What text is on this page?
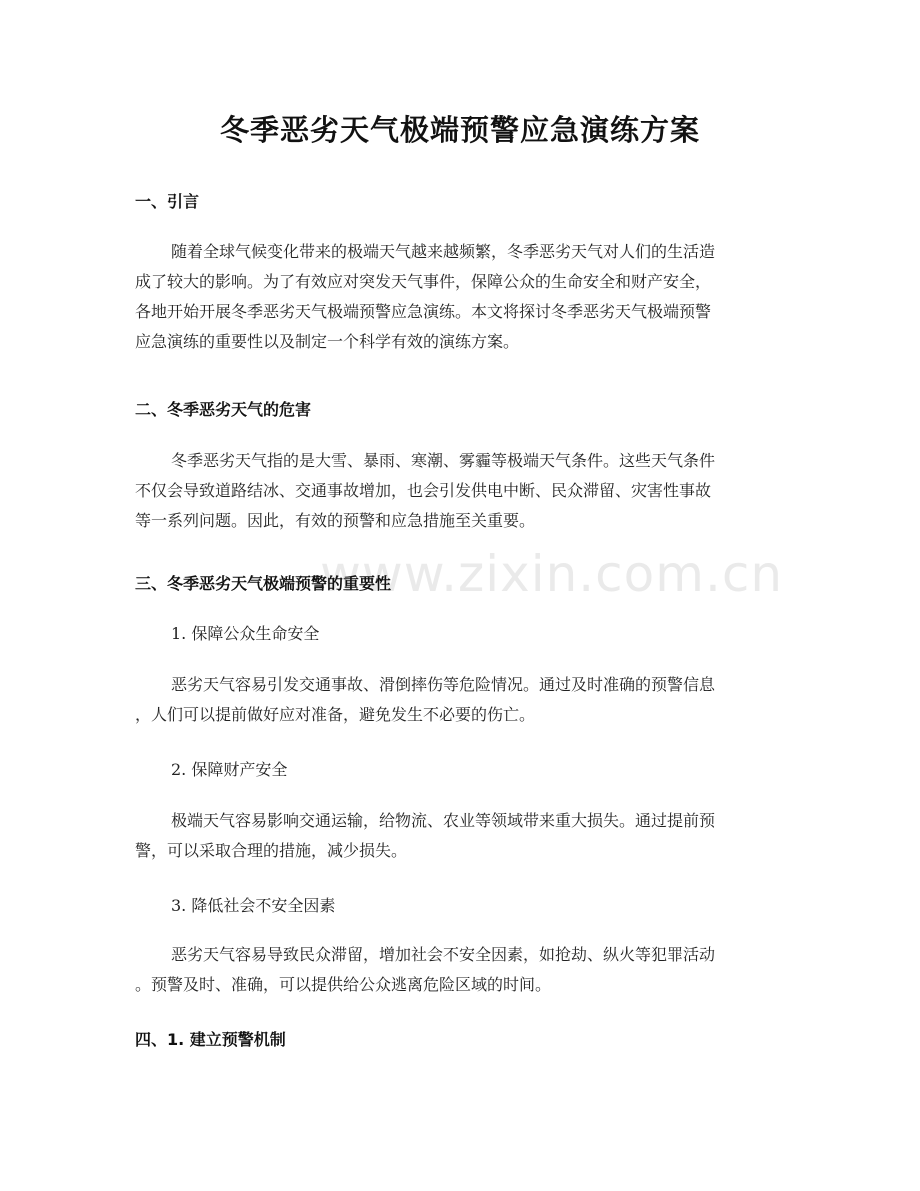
www.zixin.com.cn
冬季恶劣天气极端预警应急演练方案
一、引言
随着全球气候变化带来的极端天气越来越频繁，冬季恶劣天气对人们的生活造
成了较大的影响。为了有效应对突发天气事件，保障公众的生命安全和财产安全，
各地开始开展冬季恶劣天气极端预警应急演练。本文将探讨冬季恶劣天气极端预警
应急演练的重要性以及制定一个科学有效的演练方案。
二、冬季恶劣天气的危害
冬季恶劣天气指的是大雪、暴雨、寒潮、雾霾等极端天气条件。这些天气条件
不仅会导致道路结冰、交通事故增加，也会引发供电中断、民众滞留、灾害性事故
等一系列问题。因此，有效的预警和应急措施至关重要。
三、冬季恶劣天气极端预警的重要性
1. 保障公众生命安全
恶劣天气容易引发交通事故、滑倒摔伤等危险情况。通过及时准确的预警信息
，人们可以提前做好应对准备，避免发生不必要的伤亡。
2. 保障财产安全
极端天气容易影响交通运输，给物流、农业等领域带来重大损失。通过提前预
警，可以采取合理的措施，减少损失。
3. 降低社会不安全因素
恶劣天气容易导致民众滞留，增加社会不安全因素，如抢劫、纵火等犯罪活动
。预警及时、准确，可以提供给公众逃离危险区域的时间。
四、1. 建立预警机制
